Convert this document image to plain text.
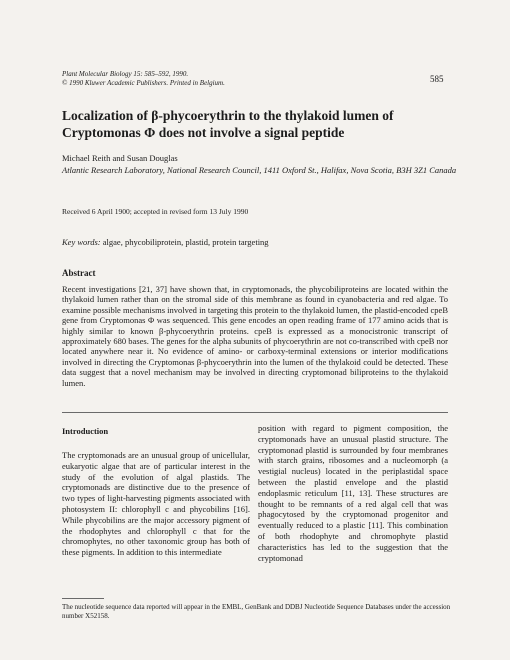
Plant Molecular Biology 15: 585–592, 1990.
© 1990 Kluwer Academic Publishers. Printed in Belgium.	585
Localization of β-phycoerythrin to the thylakoid lumen of Cryptomonas Φ does not involve a signal peptide
Michael Reith and Susan Douglas
Atlantic Research Laboratory, National Research Council, 1411 Oxford St., Halifax, Nova Scotia, B3H 3Z1 Canada
Received 6 April 1900; accepted in revised form 13 July 1990
Key words: algae, phycobiliprotein, plastid, protein targeting
Abstract
Recent investigations [21, 37] have shown that, in cryptomonads, the phycobiliproteins are located within the thylakoid lumen rather than on the stromal side of this membrane as found in cyanobacteria and red algae. To examine possible mechanisms involved in targeting this protein to the thylakoid lumen, the plastid-encoded cpeB gene from Cryptomonas Φ was sequenced. This gene encodes an open reading frame of 177 amino acids that is highly similar to known β-phycoerythrin proteins. cpeB is expressed as a monocistronic transcript of approximately 680 bases. The genes for the alpha subunits of phycoerythrin are not co-transcribed with cpeB nor located anywhere near it. No evidence of amino- or carboxy-terminal extensions or interior modifications involved in directing the Cryptomonas β-phycoerythrin into the lumen of the thylakoid could be detected. These data suggest that a novel mechanism may be involved in directing cryptomonad biliproteins to the thylakoid lumen.
Introduction
The cryptomonads are an unusual group of unicellular, eukaryotic algae that are of particular interest in the study of the evolution of algal plastids. The cryptomonads are distinctive due to the presence of two types of light-harvesting pigments associated with photosystem II: chlorophyll c and phycobilins [16]. While phycobilins are the major accessory pigment of the rhodophytes and chlorophyll c that for the chromophytes, no other taxonomic group has both of these pigments. In addition to this intermediate
position with regard to pigment composition, the cryptomonads have an unusual plastid structure. The cryptomonad plastid is surrounded by four membranes with starch grains, ribosomes and a nucleomorph (a vestigial nucleus) located in the periplastidal space between the plastid envelope and the plastid endoplasmic reticulum [11, 13]. These structures are thought to be remnants of a red algal cell that was phagocytosed by the cryptomonad progenitor and eventually reduced to a plastic [11]. This combination of both rhodophyte and chromophyte plastid characteristics has led to the suggestion that the cryptomonad
The nucleotide sequence data reported will appear in the EMBL, GenBank and DDBJ Nucleotide Sequence Databases under the accession number X52158.
